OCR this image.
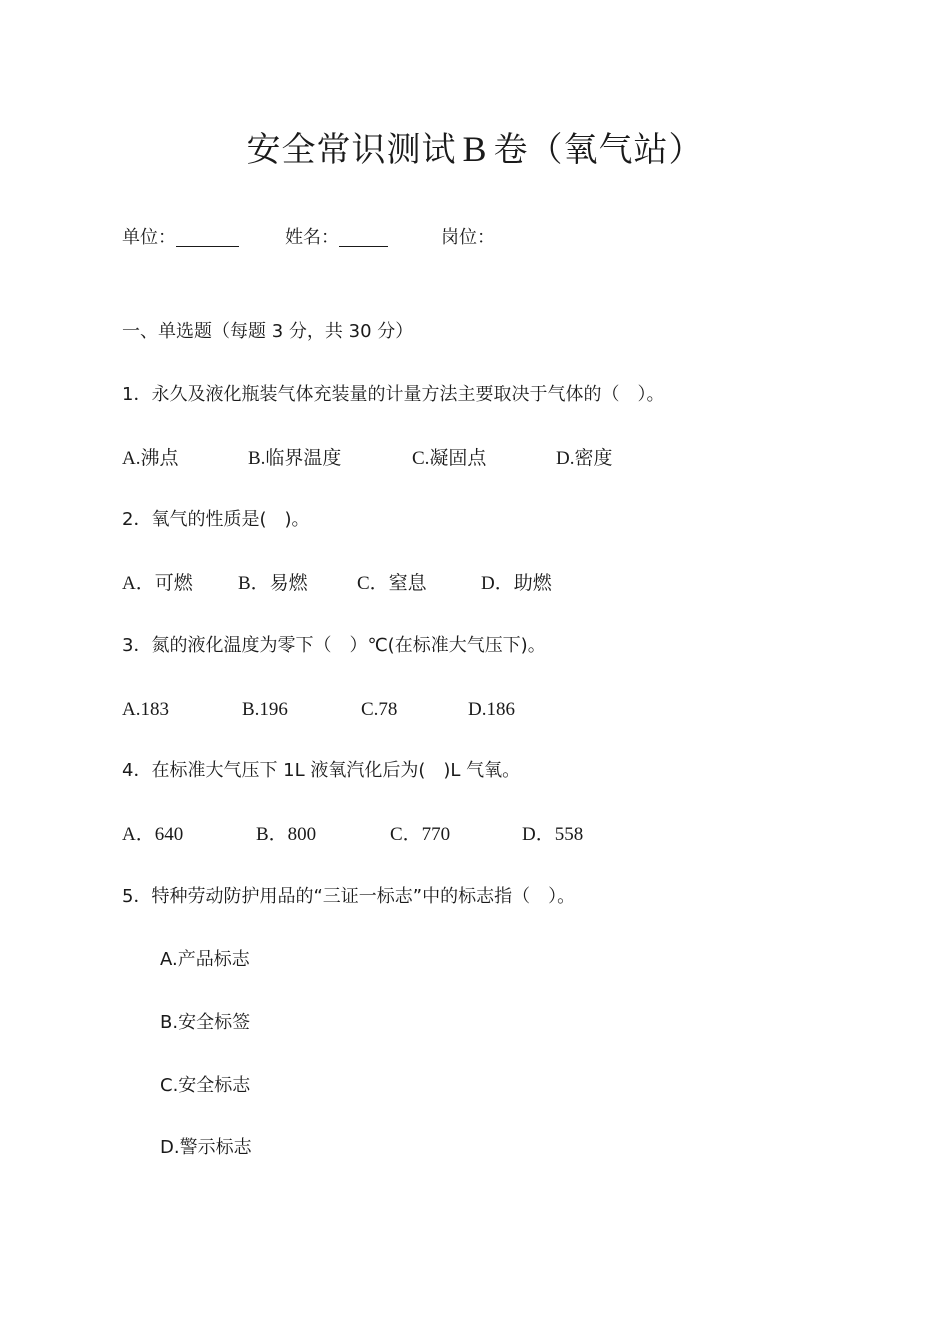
安全常识测试 B 卷（氧气站）
单位：	姓名：	岗位：
一、单选题（每题 3 分，共 30 分）
1．永久及液化瓶装气体充装量的计量方法主要取决于气体的（　）。
A.沸点	B.临界温度	C.凝固点	D.密度
2．氧气的性质是(　)。
A．可燃 B．易燃	C．窒息	D．助燃
3．氮的液化温度为零下（　）℃(在标准大气压下)。
A.183	B.196	C.78	D.186
4．在标准大气压下 1L 液氧汽化后为(　)L 气氧。
A．640	B．800	C．770	D．558
5．特种劳动防护用品的“三证一标志”中的标志指（　）。
A.产品标志
B.安全标签
C.安全标志
D.警示标志
